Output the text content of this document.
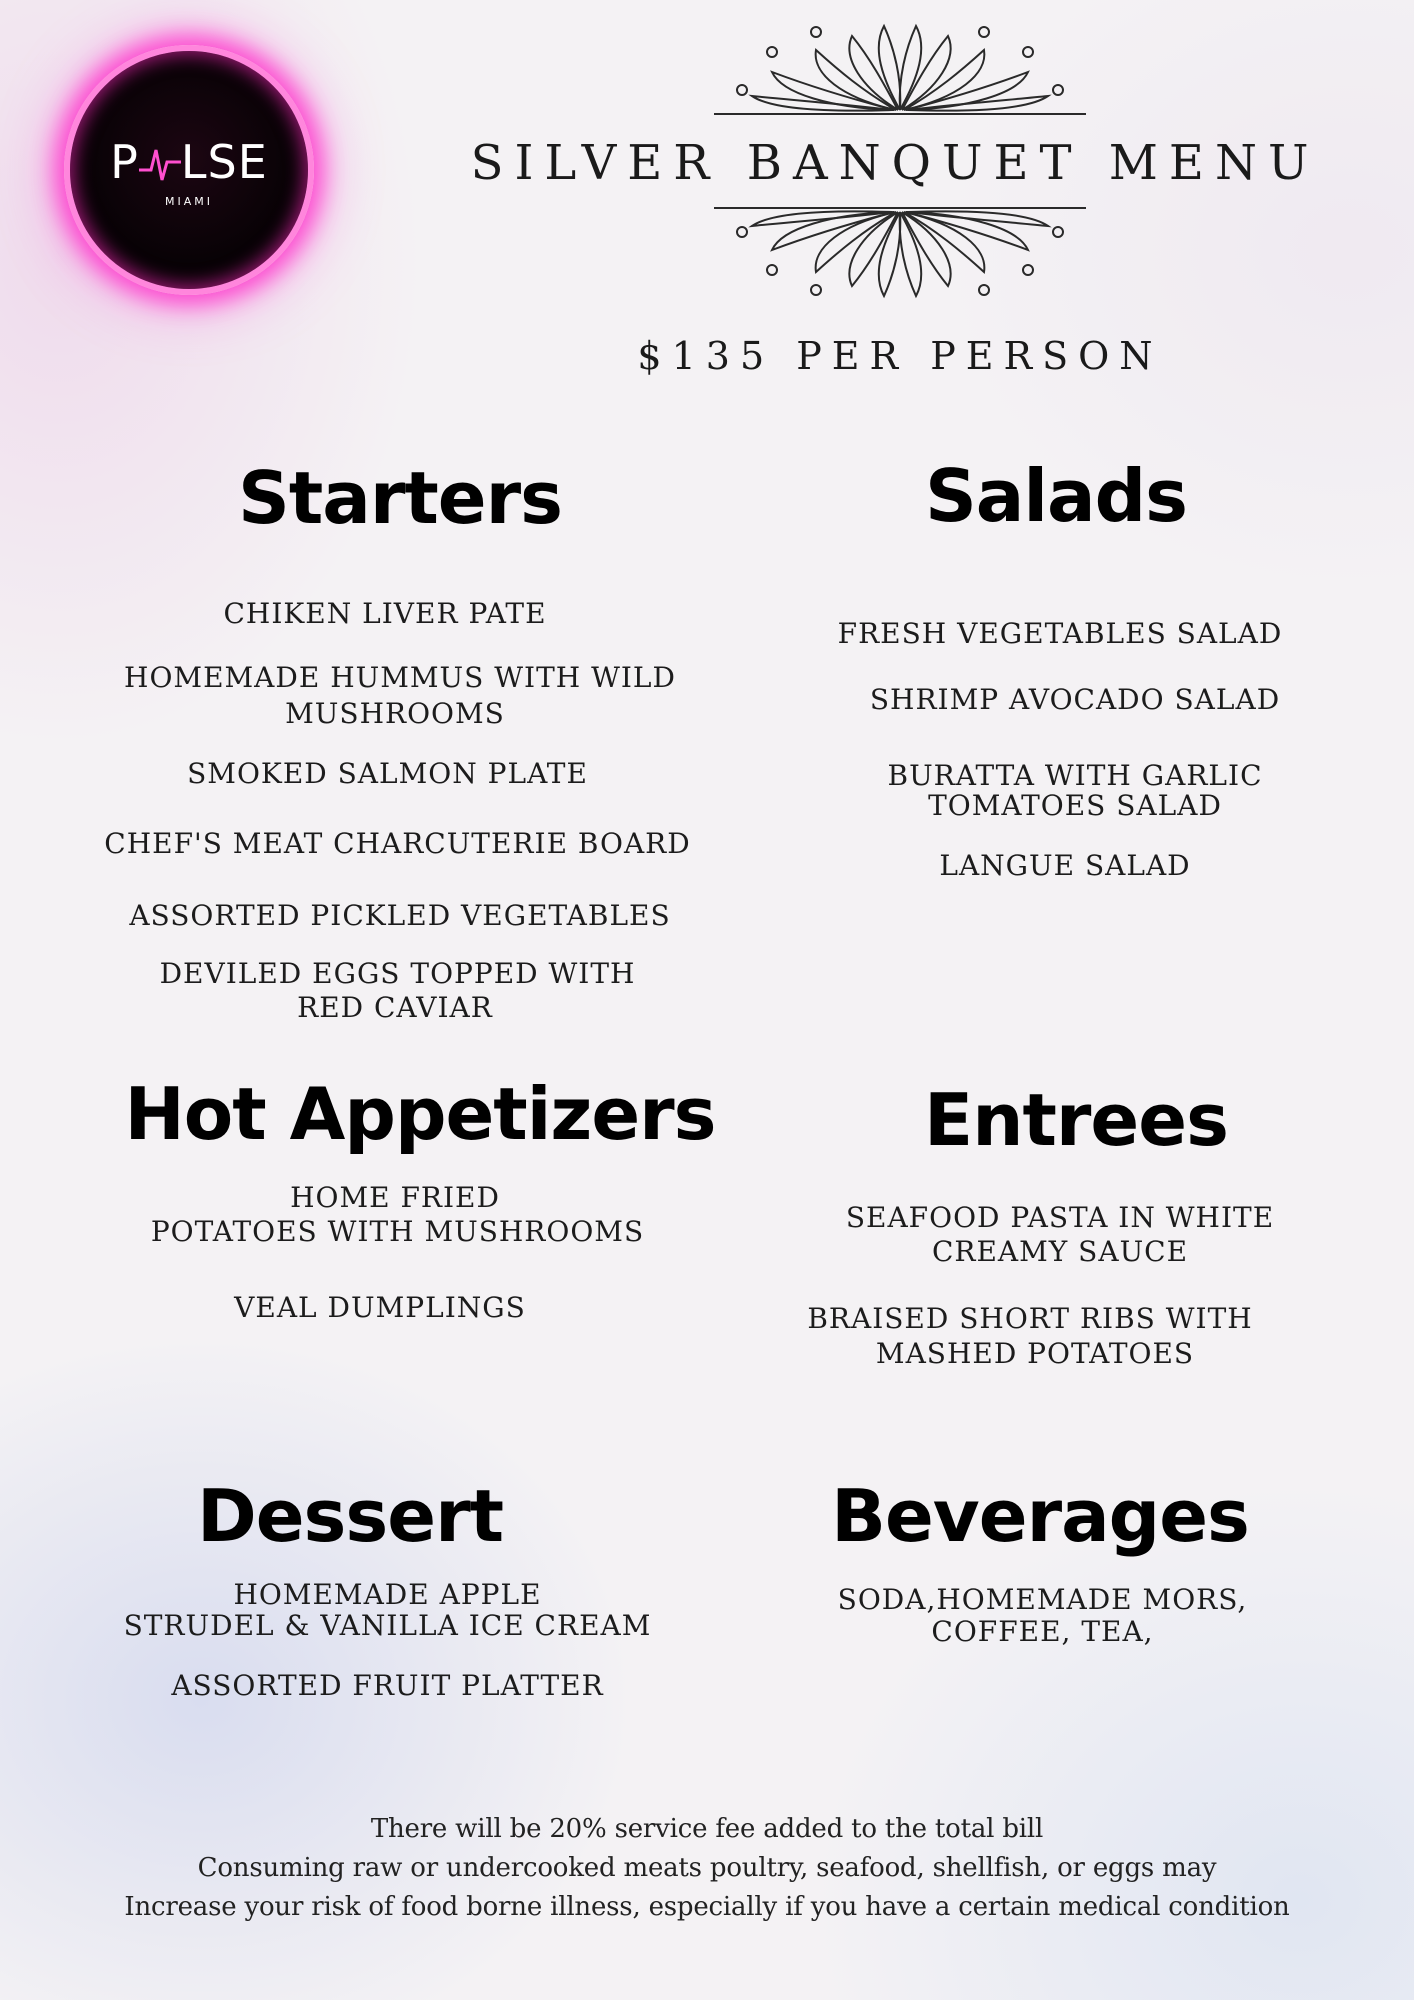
P LSE
MIAMI
SILVER BANQUET MENU
$135 PER PERSON
Starters
CHIKEN LIVER PATE
HOMEMADE HUMMUS WITH WILD
MUSHROOMS
SMOKED SALMON PLATE
CHEF'S MEAT CHARCUTERIE BOARD
ASSORTED PICKLED VEGETABLES
DEVILED EGGS TOPPED WITH
RED CAVIAR
Salads
FRESH VEGETABLES SALAD
SHRIMP AVOCADO SALAD
BURATTA WITH GARLIC
TOMATOES SALAD
LANGUE SALAD
Hot Appetizers
HOME FRIED
POTATOES WITH MUSHROOMS
VEAL DUMPLINGS
Entrees
SEAFOOD PASTA IN WHITE
CREAMY SAUCE
BRAISED SHORT RIBS WITH
MASHED POTATOES
Dessert
HOMEMADE APPLE
STRUDEL & VANILLA ICE CREAM
ASSORTED FRUIT PLATTER
Beverages
SODA,HOMEMADE MORS,
COFFEE, TEA,
There will be 20% service fee added to the total bill
Consuming raw or undercooked meats poultry, seafood, shellfish, or eggs may
Increase your risk of food borne illness, especially if you have a certain medical condition
